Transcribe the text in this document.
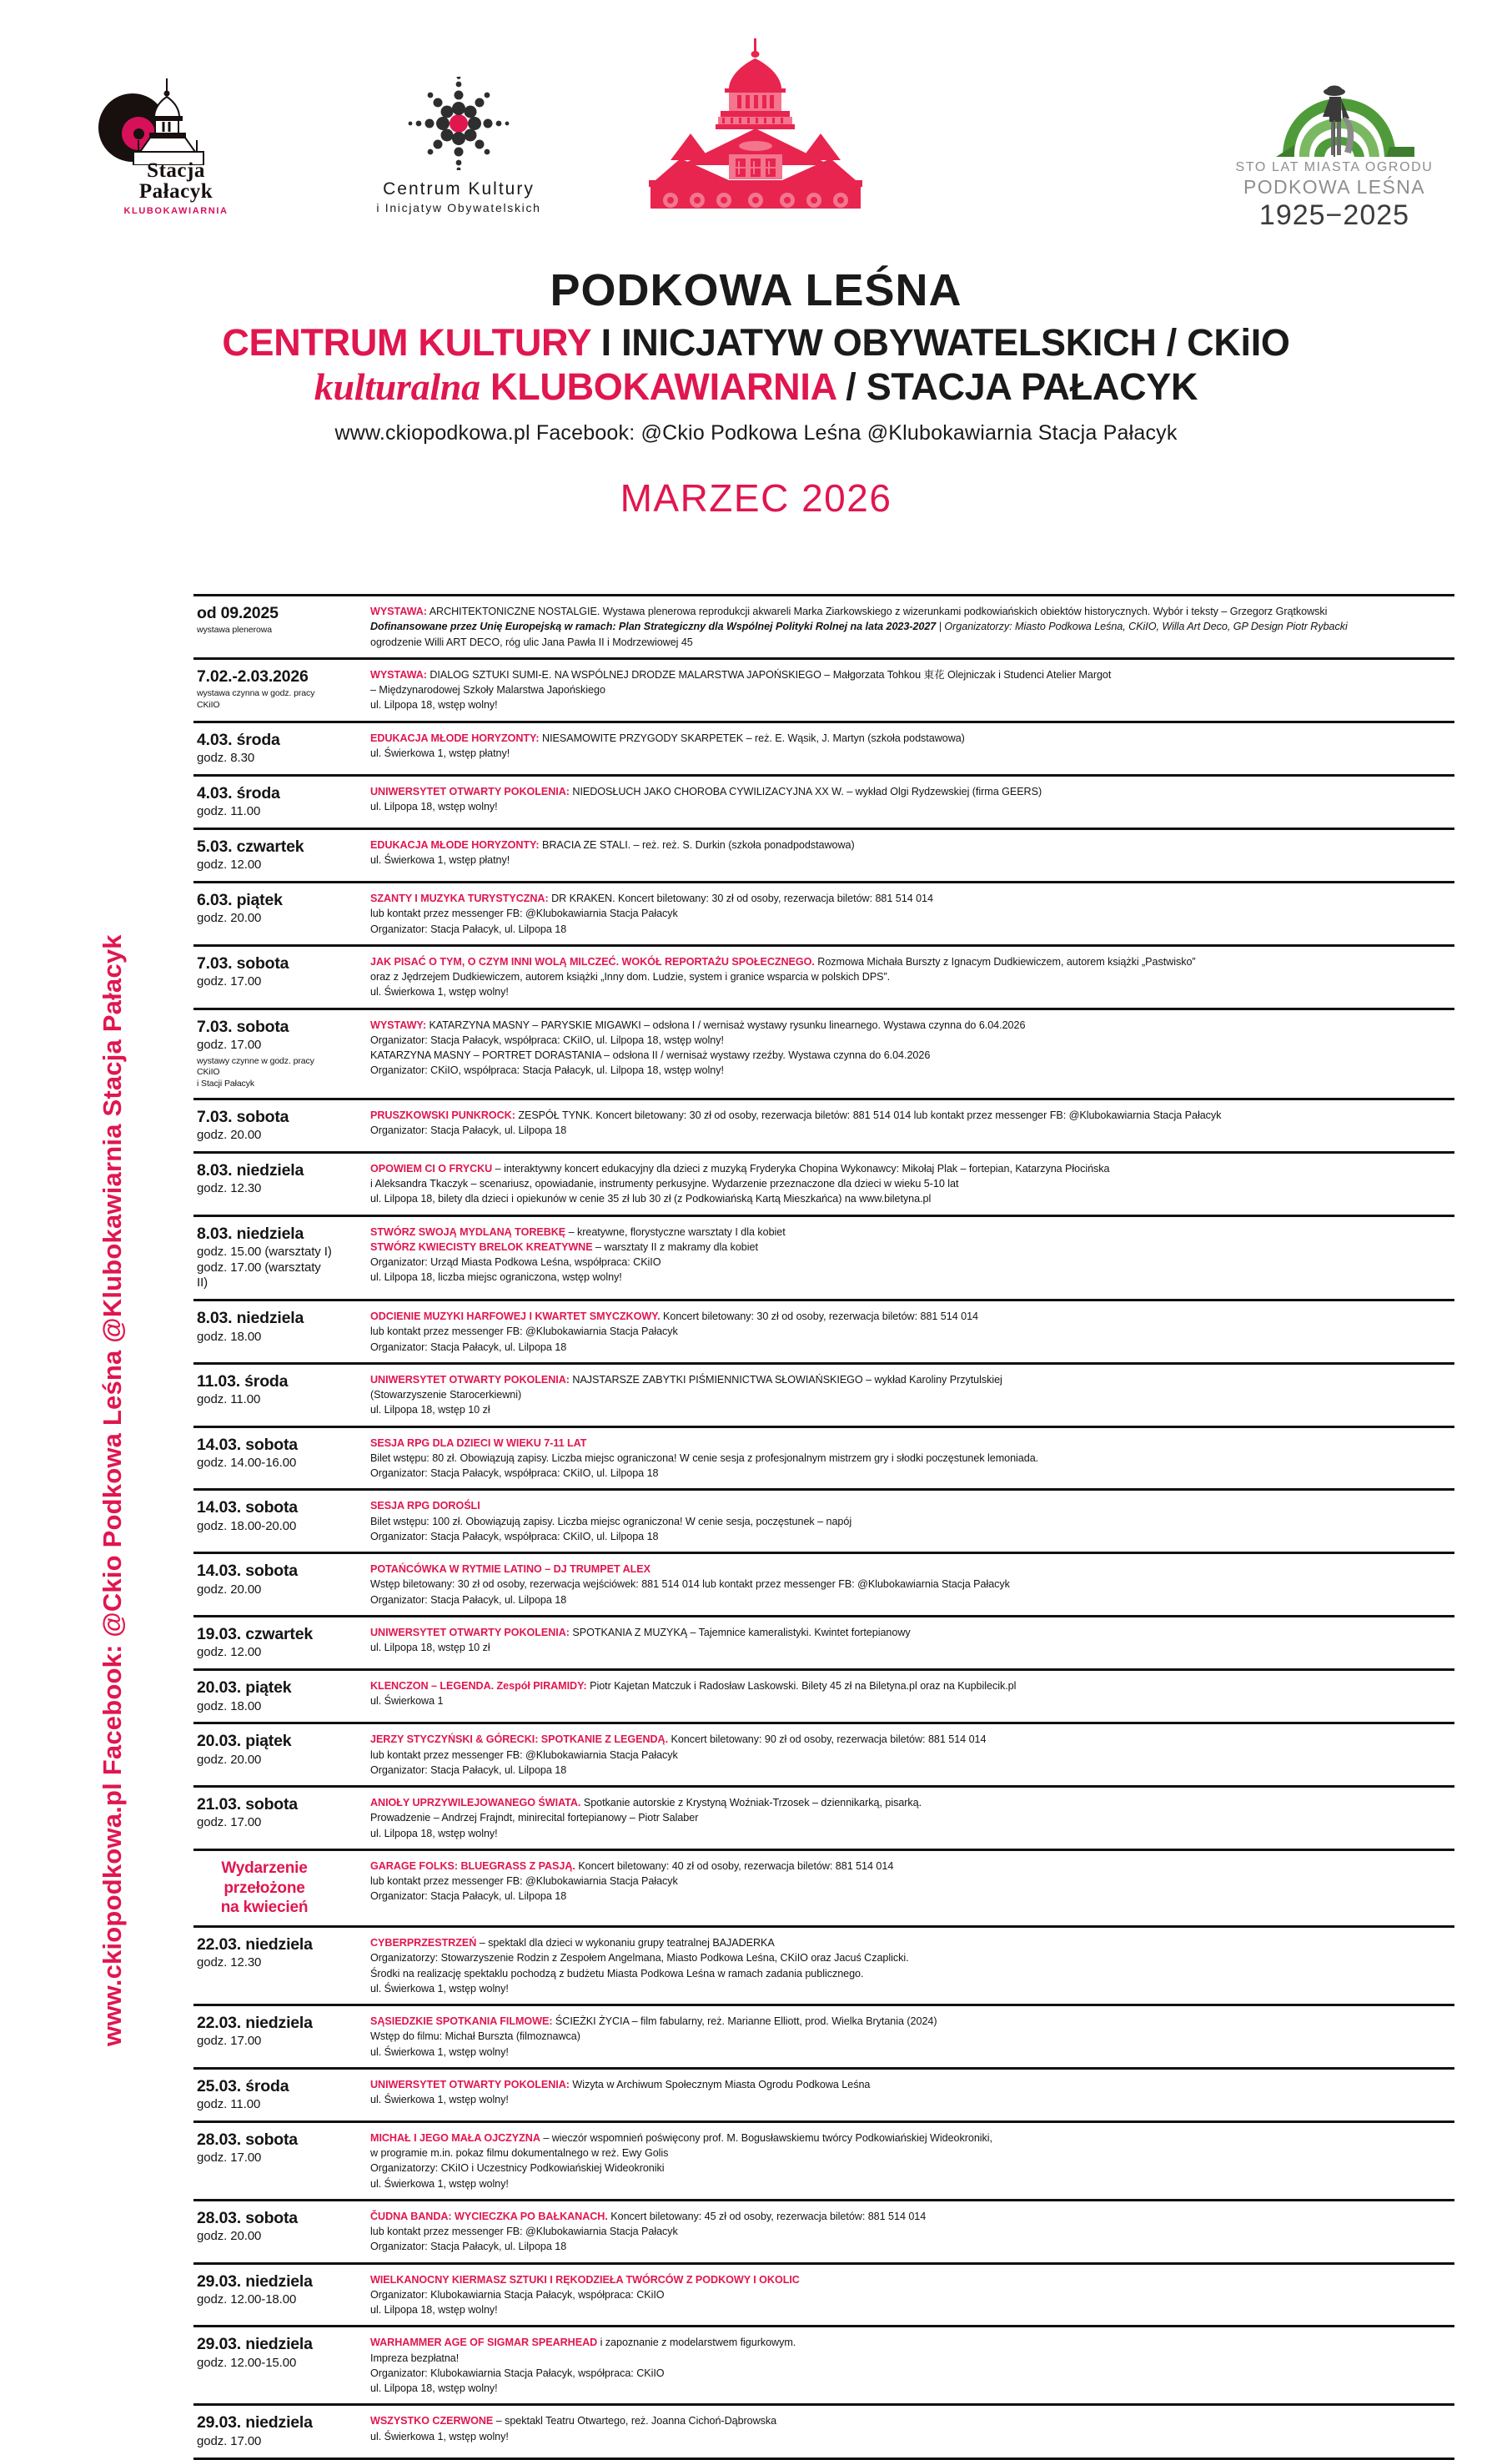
Stacja
Pałacyk
KLUBOKAWIARNIA
Centrum Kultury
i Inicjatyw Obywatelskich
STO LAT MIASTA OGRODU
PODKOWA LEŚNA
1925−2025
PODKOWA LEŚNA
CENTRUM KULTURY I INICJATYW OBYWATELSKICH / CKiIO
kulturalna KLUBOKAWIARNIA / STACJA PAŁACYK
www.ckiopodkowa.pl Facebook: @Ckio Podkowa Leśna @Klubokawiarnia Stacja Pałacyk
MARZEC 2026
www.ckiopodkowa.pl Facebook: @Ckio Podkowa Leśna @Klubokawiarnia Stacja Pałacyk
od 09.2025
wystawa plenerowa
WYSTAWA: ARCHITEKTONICZNE NOSTALGIE. Wystawa plenerowa reprodukcji akwareli Marka Ziarkowskiego z wizerunkami podkowiańskich obiektów historycznych. Wybór i teksty – Grzegorz Grątkowski
Dofinansowane przez Unię Europejską w ramach: Plan Strategiczny dla Wspólnej Polityki Rolnej na lata 2023-2027 | Organizatorzy: Miasto Podkowa Leśna, CKiIO, Willa Art Deco, GP Design Piotr Rybacki
ogrodzenie Willi ART DECO, róg ulic Jana Pawła II i Modrzewiowej 45
7.02.-2.03.2026
wystawa czynna w godz. pracy CKiIO
WYSTAWA: DIALOG SZTUKI SUMI-E. NA WSPÓLNEJ DRODZE MALARSTWA JAPOŃSKIEGO – Małgorzata Tohkou 東花 Olejniczak i Studenci Atelier Margot
– Międzynarodowej Szkoły Malarstwa Japońskiego
ul. Lilpopa 18, wstęp wolny!
4.03. środa
godz. 8.30
EDUKACJA MŁODE HORYZONTY: NIESAMOWITE PRZYGODY SKARPETEK – reż. E. Wąsik, J. Martyn (szkoła podstawowa)
ul. Świerkowa 1, wstęp płatny!
4.03. środa
godz. 11.00
UNIWERSYTET OTWARTY POKOLENIA: NIEDOSŁUCH JAKO CHOROBA CYWILIZACYJNA XX W. – wykład Olgi Rydzewskiej (firma GEERS)
ul. Lilpopa 18, wstęp wolny!
5.03. czwartek
godz. 12.00
EDUKACJA MŁODE HORYZONTY: BRACIA ZE STALI. – reż. reż. S. Durkin (szkoła ponadpodstawowa)
ul. Świerkowa 1, wstęp płatny!
6.03. piątek
godz. 20.00
SZANTY I MUZYKA TURYSTYCZNA: DR KRAKEN. Koncert biletowany: 30 zł od osoby, rezerwacja biletów: 881 514 014
lub kontakt przez messenger FB: @Klubokawiarnia Stacja Pałacyk
Organizator: Stacja Pałacyk, ul. Lilpopa 18
7.03. sobota
godz. 17.00
JAK PISAĆ O TYM, O CZYM INNI WOLĄ MILCZEĆ. WOKÓŁ REPORTAŻU SPOŁECZNEGO. Rozmowa Michała Burszty z Ignacym Dudkiewiczem, autorem książki „Pastwisko”
oraz z Jędrzejem Dudkiewiczem, autorem książki „Inny dom. Ludzie, system i granice wsparcia w polskich DPS”.
ul. Świerkowa 1, wstęp wolny!
7.03. sobota
godz. 17.00
wystawy czynne w godz. pracy CKiIO
i Stacji Pałacyk
WYSTAWY: KATARZYNA MASNY – PARYSKIE MIGAWKI – odsłona I / wernisaż wystawy rysunku linearnego. Wystawa czynna do 6.04.2026
Organizator: Stacja Pałacyk, współpraca: CKiIO, ul. Lilpopa 18, wstęp wolny!
KATARZYNA MASNY – PORTRET DORASTANIA – odsłona II / wernisaż wystawy rzeźby. Wystawa czynna do 6.04.2026
Organizator: CKiIO, współpraca: Stacja Pałacyk, ul. Lilpopa 18, wstęp wolny!
7.03. sobota
godz. 20.00
PRUSZKOWSKI PUNKROCK: ZESPÓŁ TYNK. Koncert biletowany: 30 zł od osoby, rezerwacja biletów: 881 514 014 lub kontakt przez messenger FB: @Klubokawiarnia Stacja Pałacyk
Organizator: Stacja Pałacyk, ul. Lilpopa 18
8.03. niedziela
godz. 12.30
OPOWIEM CI O FRYCKU – interaktywny koncert edukacyjny dla dzieci z muzyką Fryderyka Chopina Wykonawcy: Mikołaj Plak – fortepian, Katarzyna Płocińska
i Aleksandra Tkaczyk – scenariusz, opowiadanie, instrumenty perkusyjne. Wydarzenie przeznaczone dla dzieci w wieku 5-10 lat
ul. Lilpopa 18, bilety dla dzieci i opiekunów w cenie 35 zł lub 30 zł (z Podkowiańską Kartą Mieszkańca) na www.biletyna.pl
8.03. niedziela
godz. 15.00 (warsztaty I)
godz. 17.00 (warsztaty II)
STWÓRZ SWOJĄ MYDLANĄ TOREBKĘ – kreatywne, florystyczne warsztaty I dla kobiet
STWÓRZ KWIECISTY BRELOK KREATYWNE – warsztaty II z makramy dla kobiet
Organizator: Urząd Miasta Podkowa Leśna, współpraca: CKiIO
ul. Lilpopa 18, liczba miejsc ograniczona, wstęp wolny!
8.03. niedziela
godz. 18.00
ODCIENIE MUZYKI HARFOWEJ I KWARTET SMYCZKOWY. Koncert biletowany: 30 zł od osoby, rezerwacja biletów: 881 514 014
lub kontakt przez messenger FB: @Klubokawiarnia Stacja Pałacyk
Organizator: Stacja Pałacyk, ul. Lilpopa 18
11.03. środa
godz. 11.00
UNIWERSYTET OTWARTY POKOLENIA: NAJSTARSZE ZABYTKI PIŚMIENNICTWA SŁOWIAŃSKIEGO – wykład Karoliny Przytulskiej
(Stowarzyszenie Starocerkiewni)
ul. Lilpopa 18, wstęp 10 zł
14.03. sobota
godz. 14.00-16.00
SESJA RPG DLA DZIECI W WIEKU 7-11 LAT
Bilet wstępu: 80 zł. Obowiązują zapisy. Liczba miejsc ograniczona! W cenie sesja z profesjonalnym mistrzem gry i słodki poczęstunek lemoniada.
Organizator: Stacja Pałacyk, współpraca: CKiIO, ul. Lilpopa 18
14.03. sobota
godz. 18.00-20.00
SESJA RPG DOROŚLI
Bilet wstępu: 100 zł. Obowiązują zapisy. Liczba miejsc ograniczona! W cenie sesja, poczęstunek – napój
Organizator: Stacja Pałacyk, współpraca: CKiIO, ul. Lilpopa 18
14.03. sobota
godz. 20.00
POTAŃCÓWKA W RYTMIE LATINO – DJ TRUMPET ALEX
Wstęp biletowany: 30 zł od osoby, rezerwacja wejściówek: 881 514 014 lub kontakt przez messenger FB: @Klubokawiarnia Stacja Pałacyk
Organizator: Stacja Pałacyk, ul. Lilpopa 18
19.03. czwartek
godz. 12.00
UNIWERSYTET OTWARTY POKOLENIA: SPOTKANIA Z MUZYKĄ – Tajemnice kameralistyki. Kwintet fortepianowy
ul. Lilpopa 18, wstęp 10 zł
20.03. piątek
godz. 18.00
KLENCZON – LEGENDA. Zespół PIRAMIDY: Piotr Kajetan Matczuk i Radosław Laskowski. Bilety 45 zł na Biletyna.pl oraz na Kupbilecik.pl
ul. Świerkowa 1
20.03. piątek
godz. 20.00
JERZY STYCZYŃSKI & GÓRECKI: SPOTKANIE Z LEGENDĄ. Koncert biletowany: 90 zł od osoby, rezerwacja biletów: 881 514 014
lub kontakt przez messenger FB: @Klubokawiarnia Stacja Pałacyk
Organizator: Stacja Pałacyk, ul. Lilpopa 18
21.03. sobota
godz. 17.00
ANIOŁY UPRZYWILEJOWANEGO ŚWIATA. Spotkanie autorskie z Krystyną Woźniak-Trzosek – dziennikarką, pisarką.
Prowadzenie – Andrzej Frajndt, minirecital fortepianowy – Piotr Salaber
ul. Lilpopa 18, wstęp wolny!
Wydarzenie przełożone
na kwiecień
GARAGE FOLKS: BLUEGRASS Z PASJĄ. Koncert biletowany: 40 zł od osoby, rezerwacja biletów: 881 514 014
lub kontakt przez messenger FB: @Klubokawiarnia Stacja Pałacyk
Organizator: Stacja Pałacyk, ul. Lilpopa 18
22.03. niedziela
godz. 12.30
CYBERPRZESTRZEŃ – spektakl dla dzieci w wykonaniu grupy teatralnej BAJADERKA
Organizatorzy: Stowarzyszenie Rodzin z Zespołem Angelmana, Miasto Podkowa Leśna, CKiIO oraz Jacuś Czaplicki.
Środki na realizację spektaklu pochodzą z budżetu Miasta Podkowa Leśna w ramach zadania publicznego.
ul. Świerkowa 1, wstęp wolny!
22.03. niedziela
godz. 17.00
SĄSIEDZKIE SPOTKANIA FILMOWE: ŚCIEŻKI ŻYCIA – film fabularny, reż. Marianne Elliott, prod. Wielka Brytania (2024)
Wstęp do filmu: Michał Burszta (filmoznawca)
ul. Świerkowa 1, wstęp wolny!
25.03. środa
godz. 11.00
UNIWERSYTET OTWARTY POKOLENIA: Wizyta w Archiwum Społecznym Miasta Ogrodu Podkowa Leśna
ul. Świerkowa 1, wstęp wolny!
28.03. sobota
godz. 17.00
MICHAŁ I JEGO MAŁA OJCZYZNA – wieczór wspomnień poświęcony prof. M. Bogusławskiemu twórcy Podkowiańskiej Wideokroniki,
w programie m.in. pokaz filmu dokumentalnego w reż. Ewy Golis
Organizatorzy: CKiIO i Uczestnicy Podkowiańskiej Wideokroniki
ul. Świerkowa 1, wstęp wolny!
28.03. sobota
godz. 20.00
ČUDNA BANDA: WYCIECZKA PO BAŁKANACH. Koncert biletowany: 45 zł od osoby, rezerwacja biletów: 881 514 014
lub kontakt przez messenger FB: @Klubokawiarnia Stacja Pałacyk
Organizator: Stacja Pałacyk, ul. Lilpopa 18
29.03. niedziela
godz. 12.00-18.00
WIELKANOCNY KIERMASZ SZTUKI I RĘKODZIEŁA TWÓRCÓW Z PODKOWY I OKOLIC
Organizator: Klubokawiarnia Stacja Pałacyk, współpraca: CKiIO
ul. Lilpopa 18, wstęp wolny!
29.03. niedziela
godz. 12.00-15.00
WARHAMMER AGE OF SIGMAR SPEARHEAD i zapoznanie z modelarstwem figurkowym.
Impreza bezpłatna!
Organizator: Klubokawiarnia Stacja Pałacyk, współpraca: CKiIO
ul. Lilpopa 18, wstęp wolny!
29.03. niedziela
godz. 17.00
WSZYSTKO CZERWONE – spektakl Teatru Otwartego, reż. Joanna Cichoń-Dąbrowska
ul. Świerkowa 1, wstęp wolny!
